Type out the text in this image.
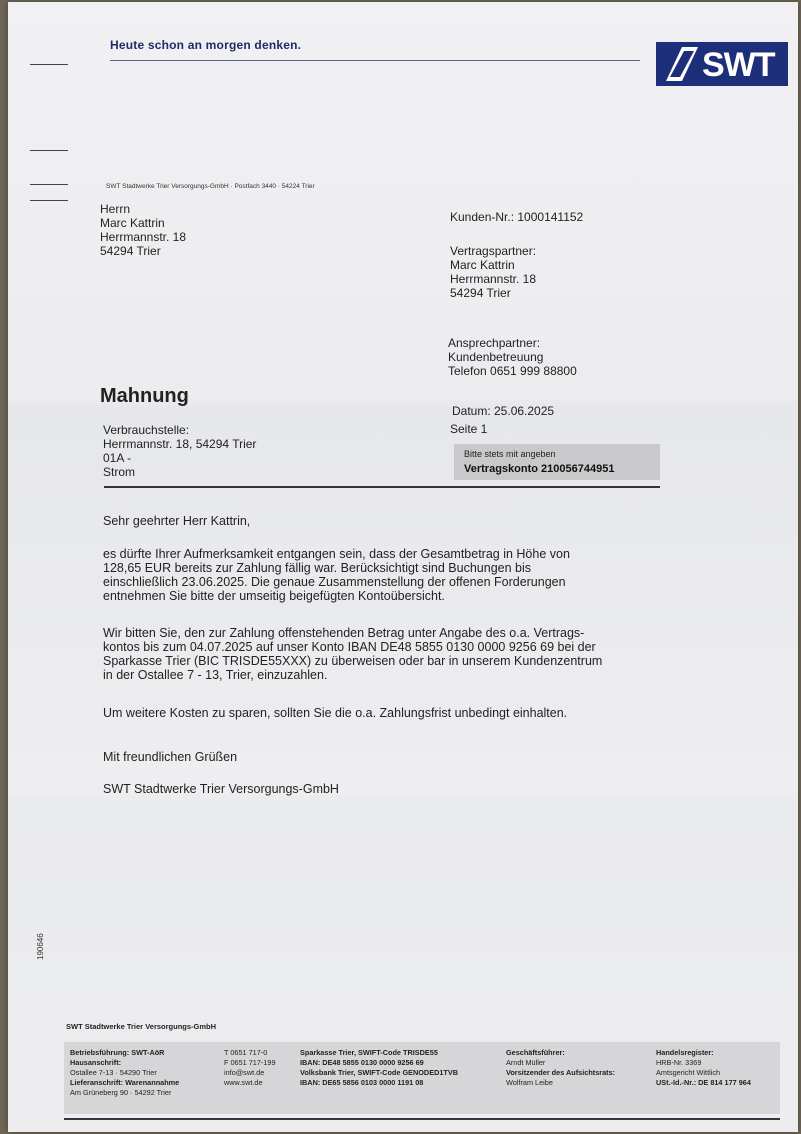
Heute schon an morgen denken.
SWT
SWT Stadtwerke Trier Versorgungs-GmbH · Postfach 3440 · 54224 Trier
Herrn
Marc Kattrin
Herrmannstr. 18
54294 Trier
Kunden-Nr.: 1000141152
Vertragspartner:
Marc Kattrin
Herrmannstr. 18
54294 Trier
Ansprechpartner:
Kundenbetreuung
Telefon 0651 999 88800
Mahnung
Datum: 25.06.2025
Seite 1
Verbrauchstelle:
Herrmannstr. 18, 54294 Trier
01A -
Strom
Bitte stets mit angeben
Vertragskonto 210056744951
Sehr geehrter Herr Kattrin,
es dürfte Ihrer Aufmerksamkeit entgangen sein, dass der Gesamtbetrag in Höhe von
128,65 EUR bereits zur Zahlung fällig war. Berücksichtigt sind Buchungen bis
einschließlich 23.06.2025. Die genaue Zusammenstellung der offenen Forderungen
entnehmen Sie bitte der umseitig beigefügten Kontoübersicht.
Wir bitten Sie, den zur Zahlung offenstehenden Betrag unter Angabe des o.a. Vertrags-
kontos bis zum 04.07.2025 auf unser Konto IBAN DE48 5855 0130 0000 9256 69 bei der
Sparkasse Trier (BIC TRISDE55XXX) zu überweisen oder bar in unserem Kundenzentrum
in der Ostallee 7 - 13, Trier, einzuzahlen.
Um weitere Kosten zu sparen, sollten Sie die o.a. Zahlungsfrist unbedingt einhalten.
Mit freundlichen Grüßen
SWT Stadtwerke Trier Versorgungs-GmbH
190646
SWT Stadtwerke Trier Versorgungs-GmbH
Betriebsführung: SWT-AöR
Hausanschrift:
Ostallee 7-13 · 54290 Trier
Lieferanschrift: Warenannahme
Am Grüneberg 90 · 54292 Trier
T 0651 717-0
F 0651 717-199
info@swt.de
www.swt.de
Sparkasse Trier, SWIFT-Code TRISDE55
IBAN: DE48 5855 0130 0000 9256 69
Volksbank Trier, SWIFT-Code GENODED1TVB
IBAN: DE65 5856 0103 0000 1191 08
Geschäftsführer:
Arndt Müller
Vorsitzender des Aufsichtsrats:
Wolfram Leibe
Handelsregister:
HRB-Nr. 3369
Amtsgericht Wittlich
USt.-Id.-Nr.: DE 814 177 964
